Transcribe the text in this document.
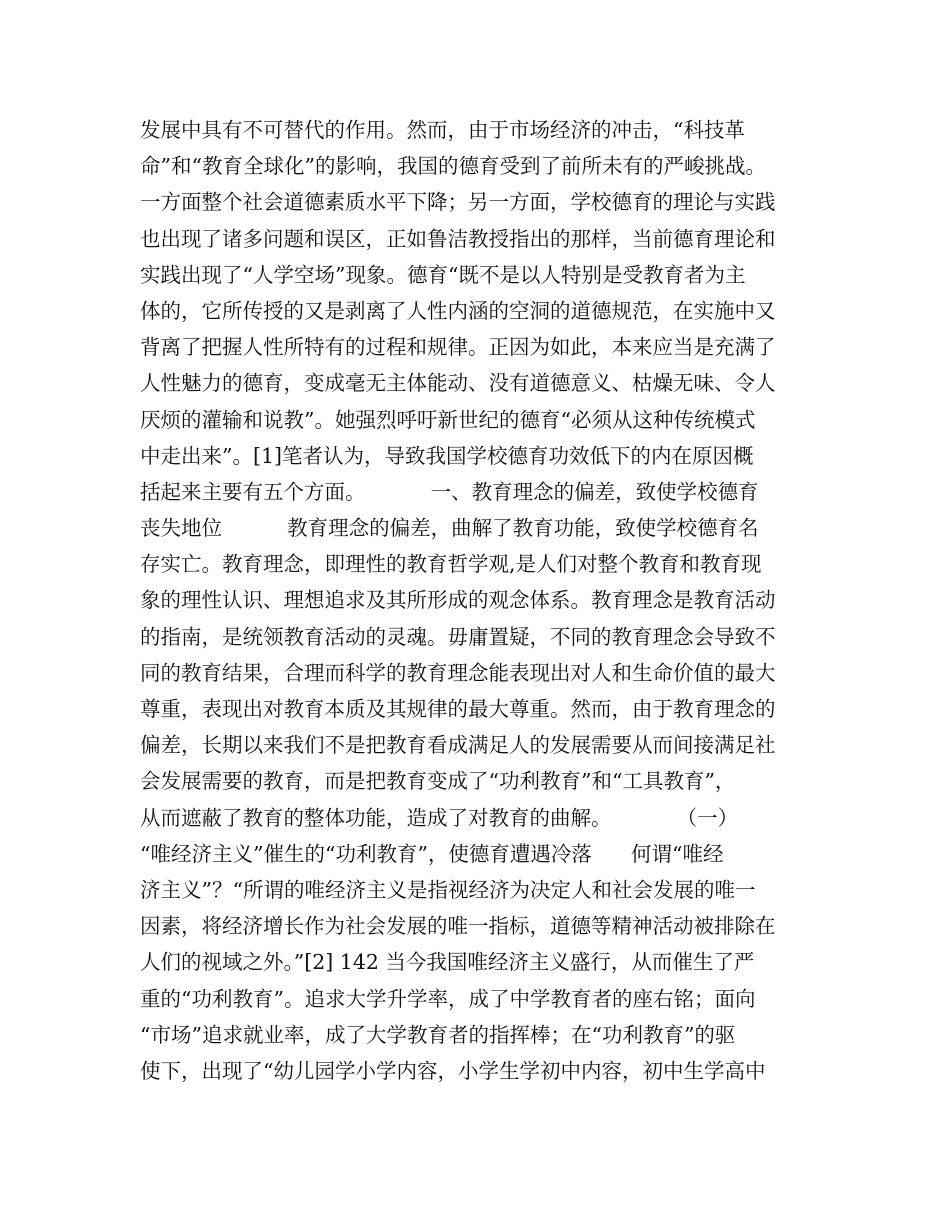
发展中具有不可替代的作用。然而，由于市场经济的冲击，“科技革
命”和“教育全球化”的影响，我国的德育受到了前所未有的严峻挑战。
一方面整个社会道德素质水平下降；另一方面，学校德育的理论与实践
也出现了诸多问题和误区，正如鲁洁教授指出的那样，当前德育理论和
实践出现了“人学空场”现象。德育“既不是以人特别是受教育者为主
体的，它所传授的又是剥离了人性内涵的空洞的道德规范，在实施中又
背离了把握人性所特有的过程和规律。正因为如此，本来应当是充满了
人性魅力的德育，变成毫无主体能动、没有道德意义、枯燥无味、令人
厌烦的灌输和说教”。她强烈呼吁新世纪的德育“必须从这种传统模式
中走出来”。[1]笔者认为，导致我国学校德育功效低下的内在原因概
括起来主要有五个方面。          一、教育理念的偏差，致使学校德育
丧失地位          教育理念的偏差，曲解了教育功能，致使学校德育名
存实亡。教育理念，即理性的教育哲学观,是人们对整个教育和教育现
象的理性认识、理想追求及其所形成的观念体系。教育理念是教育活动
的指南，是统领教育活动的灵魂。毋庸置疑，不同的教育理念会导致不
同的教育结果，合理而科学的教育理念能表现出对人和生命价值的最大
尊重，表现出对教育本质及其规律的最大尊重。然而，由于教育理念的
偏差，长期以来我们不是把教育看成满足人的发展需要从而间接满足社
会发展需要的教育，而是把教育变成了“功利教育”和“工具教育”，
从而遮蔽了教育的整体功能，造成了对教育的曲解。          （一）
“唯经济主义”催生的“功利教育”，使德育遭遇冷落      何谓“唯经
济主义”？“所谓的唯经济主义是指视经济为决定人和社会发展的唯一
因素，将经济增长作为社会发展的唯一指标，道德等精神活动被排除在
人们的视域之外。”[2] 142 当今我国唯经济主义盛行，从而催生了严
重的“功利教育”。追求大学升学率，成了中学教育者的座右铭；面向
“市场”追求就业率，成了大学教育者的指挥棒；在“功利教育”的驱
使下，出现了“幼儿园学小学内容，小学生学初中内容，初中生学高中
